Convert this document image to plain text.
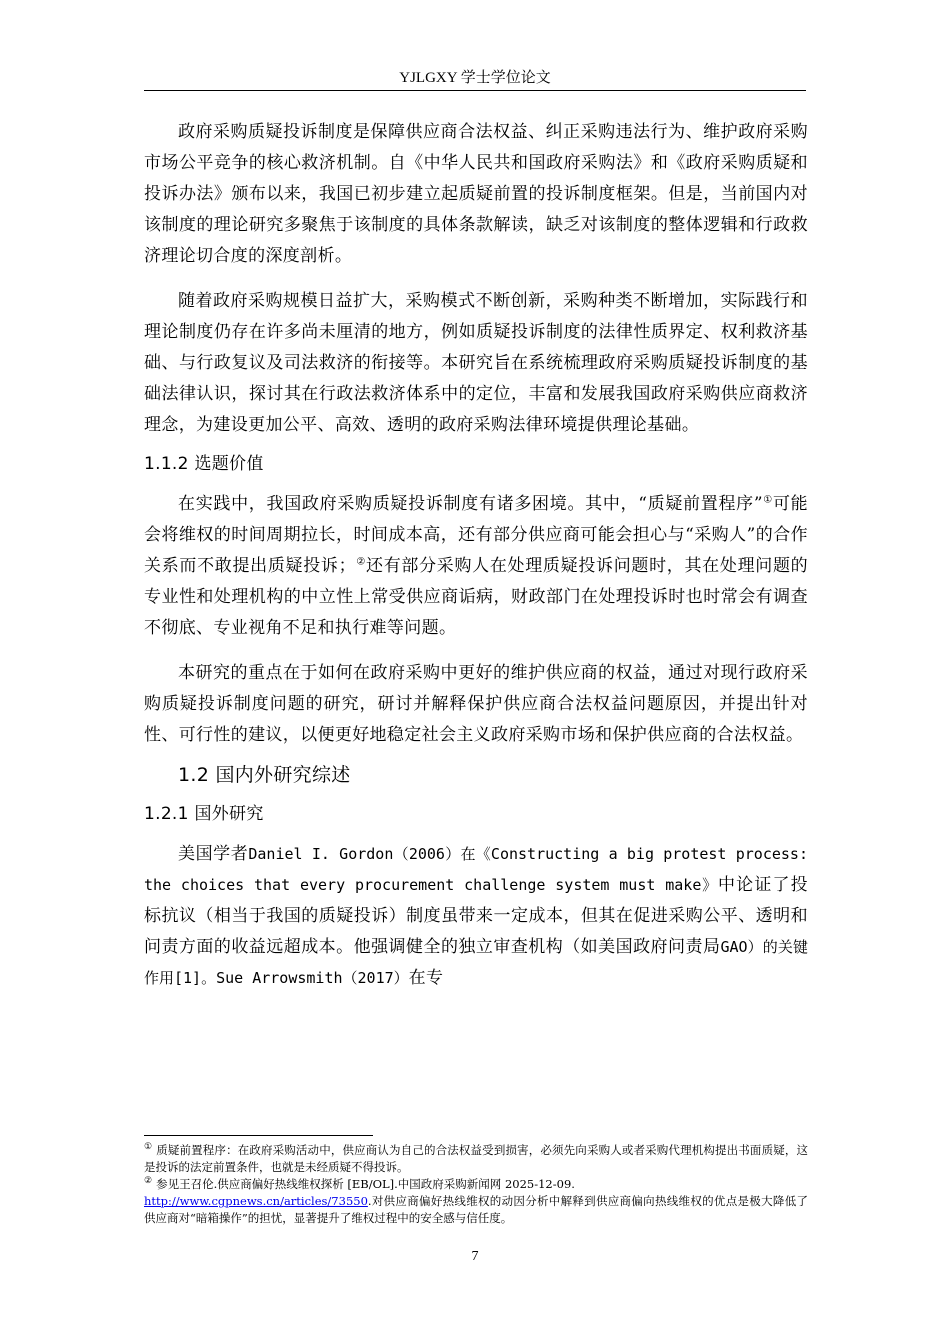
YJLGXY 学士学位论文

政府采购质疑投诉制度是保障供应商合法权益、纠正采购违法行为、维护政府采购市场公平竞争的核心救济机制。自《中华人民共和国政府采购法》和《政府采购质疑和投诉办法》颁布以来，我国已初步建立起质疑前置的投诉制度框架。但是，当前国内对该制度的理论研究多聚焦于该制度的具体条款解读，缺乏对该制度的整体逻辑和行政救济理论切合度的深度剖析。

随着政府采购规模日益扩大，采购模式不断创新，采购种类不断增加，实际践行和理论制度仍存在许多尚未厘清的地方，例如质疑投诉制度的法律性质界定、权利救济基础、与行政复议及司法救济的衔接等。本研究旨在系统梳理政府采购质疑投诉制度的基础法律认识，探讨其在行政法救济体系中的定位，丰富和发展我国政府采购供应商救济理念，为建设更加公平、高效、透明的政府采购法律环境提供理论基础。

1.1.2 选题价值

在实践中，我国政府采购质疑投诉制度有诸多困境。其中，“质疑前置程序”①可能会将维权的时间周期拉长，时间成本高，还有部分供应商可能会担心与“采购人”的合作关系而不敢提出质疑投诉；②还有部分采购人在处理质疑投诉问题时，其在处理问题的专业性和处理机构的中立性上常受供应商诟病，财政部门在处理投诉时也时常会有调查不彻底、专业视角不足和执行难等问题。

本研究的重点在于如何在政府采购中更好的维护供应商的权益，通过对现行政府采购质疑投诉制度问题的研究，研讨并解释保护供应商合法权益问题原因，并提出针对性、可行性的建议，以便更好地稳定社会主义政府采购市场和保护供应商的合法权益。

1.2 国内外研究综述
1.2.1 国外研究

美国学者Daniel I. Gordon（2006）在《Constructing a big protest process: the choices that every procurement challenge system must make》中论证了投标抗议（相当于我国的质疑投诉）制度虽带来一定成本，但其在促进采购公平、透明和问责方面的收益远超成本。他强调健全的独立审查机构（如美国政府问责局GAO）的关键作用[1]。Sue Arrowsmith（2017）在专

① 质疑前置程序：在政府采购活动中，供应商认为自己的合法权益受到损害，必须先向采购人或者采购代理机构提出书面质疑，这是投诉的法定前置条件，也就是未经质疑不得投诉。

② 参见王召伦.供应商偏好热线维权探析 [EB/OL].中国政府采购新闻网 2025-12-09.
http://www.cgpnews.cn/articles/73550.对供应商偏好热线维权的动因分析中解释到供应商偏向热线维权的优点是极大降低了供应商对“暗箱操作”的担忧，显著提升了维权过程中的安全感与信任度。

7
